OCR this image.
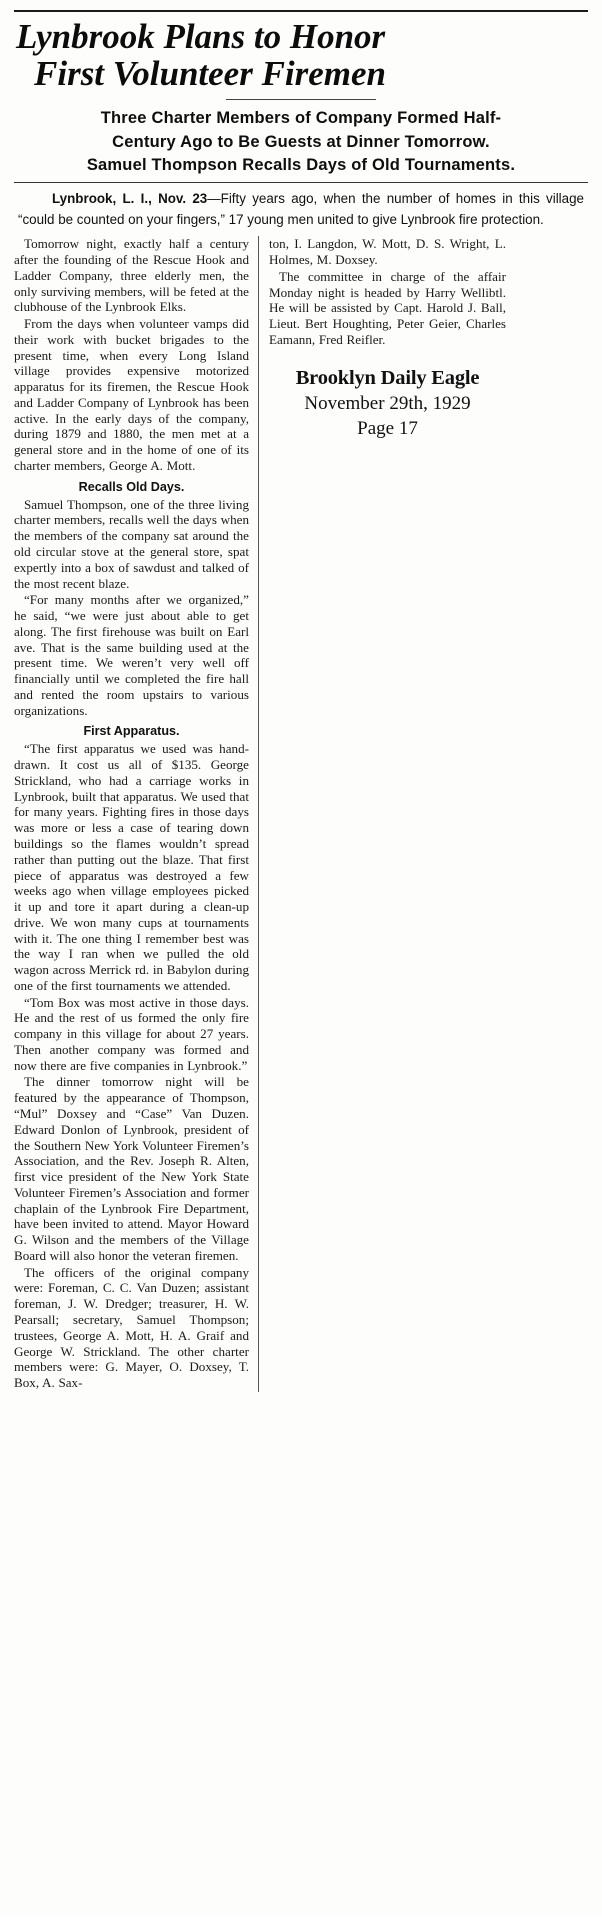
Lynbrook Plans to Honor
First Volunteer Firemen
Three Charter Members of Company Formed Half-
Century Ago to Be Guests at Dinner Tomorrow.
Samuel Thompson Recalls Days of Old Tournaments.

Lynbrook, L. I., Nov. 23—Fifty years ago, when the number of homes in this village “could be counted on your fingers,” 17 young men united to give Lynbrook fire protection.

Tomorrow night, exactly half a century after the founding of the Rescue Hook and Ladder Company, three elderly men, the only surviving members, will be feted at the clubhouse of the Lynbrook Elks.

From the days when volunteer vamps did their work with bucket brigades to the present time, when every Long Island village provides expensive motorized apparatus for its firemen, the Rescue Hook and Ladder Company of Lynbrook has been active. In the early days of the company, during 1879 and 1880, the men met at a general store and in the home of one of its charter members, George A. Mott.

Recalls Old Days.

Samuel Thompson, one of the three living charter members, recalls well the days when the members of the company sat around the old circular stove at the general store, spat expertly into a box of sawdust and talked of the most recent blaze.

“For many months after we organized,” he said, “we were just about able to get along. The first firehouse was built on Earl ave. That is the same building used at the present time. We weren’t very well off financially until we completed the fire hall and rented the room upstairs to various organizations.

First Apparatus.

“The first apparatus we used was hand-drawn. It cost us all of $135. George Strickland, who had a carriage works in Lynbrook, built that apparatus. We used that for many years. Fighting fires in those days was more or less a case of tearing down buildings so the flames wouldn’t spread rather than putting out the blaze. That first piece of apparatus was destroyed a few weeks ago when village employees picked it up and tore it apart during a clean-up drive. We won many cups at tournaments with it. The one thing I remember best was the way I ran when we pulled the old wagon across Merrick rd. in Babylon during one of the first tournaments we attended.

“Tom Box was most active in those days. He and the rest of us formed the only fire company in this village for about 27 years. Then another company was formed and now there are five companies in Lynbrook.”

The dinner tomorrow night will be featured by the appearance of Thompson, “Mul” Doxsey and “Case” Van Duzen. Edward Donlon of Lynbrook, president of the Southern New York Volunteer Firemen’s Association, and the Rev. Joseph R. Alten, first vice president of the New York State Volunteer Firemen’s Association and former chaplain of the Lynbrook Fire Department, have been invited to attend. Mayor Howard G. Wilson and the members of the Village Board will also honor the veteran firemen.

The officers of the original company were: Foreman, C. C. Van Duzen; assistant foreman, J. W. Dredger; treasurer, H. W. Pearsall; secretary, Samuel Thompson; trustees, George A. Mott, H. A. Graif and George W. Strickland. The other charter members were: G. Mayer, O. Doxsey, T. Box, A. Sax-

ton, I. Langdon, W. Mott, D. S. Wright, L. Holmes, M. Doxsey.

The committee in charge of the affair Monday night is headed by Harry Wellibtl. He will be assisted by Capt. Harold J. Ball, Lieut. Bert Houghting, Peter Geier, Charles Eamann, Fred Reifler.

Brooklyn Daily Eagle
November 29th, 1929
Page 17
